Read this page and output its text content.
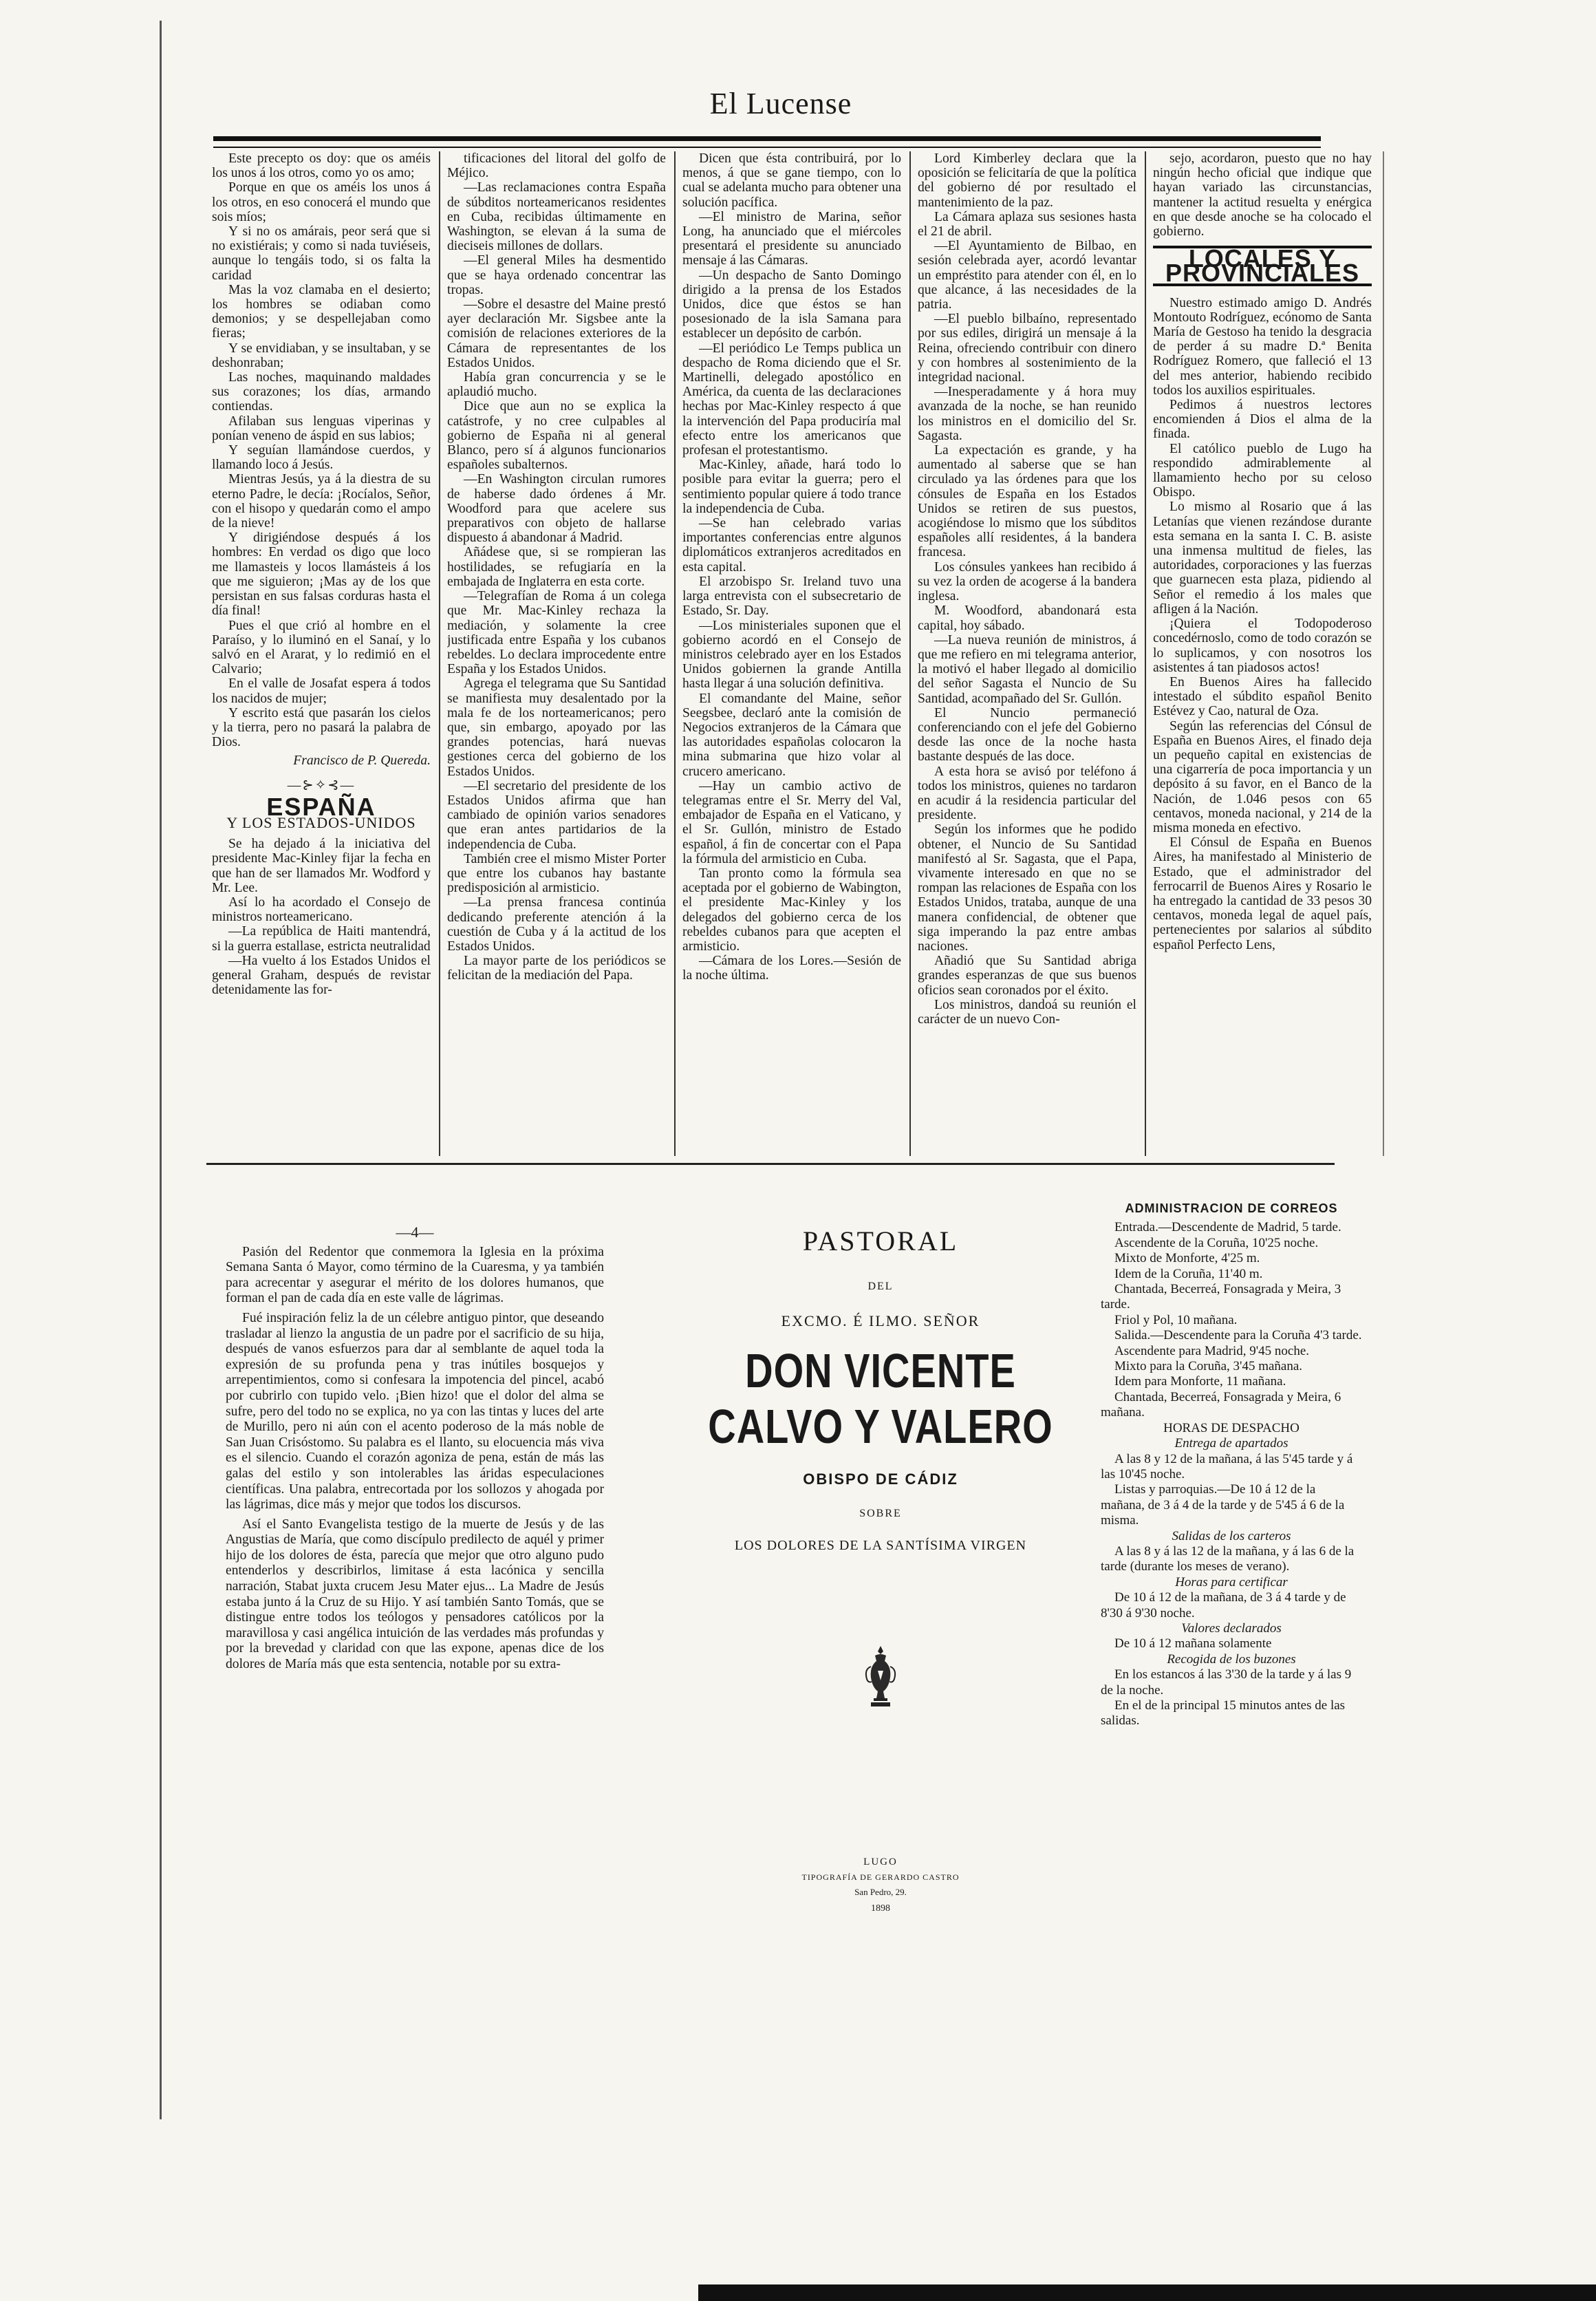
El Lucense

Este precepto os doy: que os améis los unos á los otros, como yo os amo;

Porque en que os améis los unos á los otros, en eso conocerá el mundo que sois míos;

Y si no os amárais, peor será que si no existiérais; y como si nada tuviéseis, aunque lo tengáis todo, si os falta la caridad

Mas la voz clamaba en el desierto; los hombres se odiaban como demonios; y se despellejaban como fieras;

Y se envidiaban, y se insultaban, y se deshonraban;

Las noches, maquinando maldades sus corazones; los días, armando contiendas.

Afilaban sus lenguas viperinas y ponían veneno de áspid en sus labios;

Y seguían llamándose cuerdos, y llamando loco á Jesús.

Mientras Jesús, ya á la diestra de su eterno Padre, le decía: ¡Rocíalos, Señor, con el hisopo y quedarán como el ampo de la nieve!

Y dirigiéndose después á los hombres: En verdad os digo que loco me llamasteis y locos llamásteis á los que me siguieron; ¡Mas ay de los que persistan en sus falsas corduras hasta el día final!

Pues el que crió al hombre en el Paraíso, y lo iluminó en el Sanaí, y lo salvó en el Ararat, y lo redimió en el Calvario;

En el valle de Josafat espera á todos los nacidos de mujer;

Y escrito está que pasarán los cielos y la tierra, pero no pasará la palabra de Dios.

Francisco de P. Quereda.

—⊱✧⊰—
ESPAÑA
Y LOS ESTADOS-UNIDOS

Se ha dejado á la iniciativa del presidente Mac-Kinley fijar la fecha en que han de ser llamados Mr. Wodford y Mr. Lee.

Así lo ha acordado el Consejo de ministros norteamericano.

—La república de Haiti mantendrá, si la guerra estallase, estricta neutralidad

—Ha vuelto á los Estados Unidos el general Graham, después de revistar detenidamente las for-

tificaciones del litoral del golfo de Méjico.

—Las reclamaciones contra España de súbditos norteamericanos residentes en Cuba, recibidas últimamente en Washington, se elevan á la suma de dieciseis millones de dollars.

—El general Miles ha desmentido que se haya ordenado concentrar las tropas.

—Sobre el desastre del Maine prestó ayer declaración Mr. Sigsbee ante la comisión de relaciones exteriores de la Cámara de representantes de los Estados Unidos.

Había gran concurrencia y se le aplaudió mucho.

Dice que aun no se explica la catástrofe, y no cree culpables al gobierno de España ni al general Blanco, pero sí á algunos funcionarios españoles subalternos.

—En Washington circulan rumores de haberse dado órdenes á Mr. Woodford para que acelere sus preparativos con objeto de hallarse dispuesto á abandonar á Madrid.

Añádese que, si se rompieran las hostilidades, se refugiaría en la embajada de Inglaterra en esta corte.

—Telegrafían de Roma á un colega que Mr. Mac-Kinley rechaza la mediación, y solamente la cree justificada entre España y los cubanos rebeldes. Lo declara improcedente entre España y los Estados Unidos.

Agrega el telegrama que Su Santidad se manifiesta muy desalentado por la mala fe de los norteamericanos; pero que, sin embargo, apoyado por las grandes potencias, hará nuevas gestiones cerca del gobierno de los Estados Unidos.

—El secretario del presidente de los Estados Unidos afirma que han cambiado de opinión varios senadores que eran antes partidarios de la independencia de Cuba.

También cree el mismo Mister Porter que entre los cubanos hay bastante predisposición al armisticio.

—La prensa francesa continúa dedicando preferente atención á la cuestión de Cuba y á la actitud de los Estados Unidos.

La mayor parte de los periódicos se felicitan de la mediación del Papa.

Dicen que ésta contribuirá, por lo menos, á que se gane tiempo, con lo cual se adelanta mucho para obtener una solución pacífica.

—El ministro de Marina, señor Long, ha anunciado que el miércoles presentará el presidente su anunciado mensaje á las Cámaras.

—Un despacho de Santo Domingo dirigido a la prensa de los Estados Unidos, dice que éstos se han posesionado de la isla Samana para establecer un depósito de carbón.

—El periódico Le Temps publica un despacho de Roma diciendo que el Sr. Martinelli, delegado apostólico en América, da cuenta de las declaraciones hechas por Mac-Kinley respecto á que la intervención del Papa produciría mal efecto entre los americanos que profesan el protestantismo.

Mac-Kinley, añade, hará todo lo posible para evitar la guerra; pero el sentimiento popular quiere á todo trance la independencia de Cuba.

—Se han celebrado varias importantes conferencias entre algunos diplomáticos extranjeros acreditados en esta capital.

El arzobispo Sr. Ireland tuvo una larga entrevista con el subsecretario de Estado, Sr. Day.

—Los ministeriales suponen que el gobierno acordó en el Consejo de ministros celebrado ayer en los Estados Unidos gobiernen la grande Antilla hasta llegar á una solución definitiva.

El comandante del Maine, señor Seegsbee, declaró ante la comisión de Negocios extranjeros de la Cámara que las autoridades españolas colocaron la mina submarina que hizo volar al crucero americano.

—Hay un cambio activo de telegramas entre el Sr. Merry del Val, embajador de España en el Vaticano, y el Sr. Gullón, ministro de Estado español, á fin de concertar con el Papa la fórmula del armisticio en Cuba.

Tan pronto como la fórmula sea aceptada por el gobierno de Wabington, el presidente Mac-Kinley y los delegados del gobierno cerca de los rebeldes cubanos para que acepten el armisticio.

—Cámara de los Lores.—Sesión de la noche última.

Lord Kimberley declara que la oposición se felicitaría de que la política del gobierno dé por resultado el mantenimiento de la paz.

La Cámara aplaza sus sesiones hasta el 21 de abril.

—El Ayuntamiento de Bilbao, en sesión celebrada ayer, acordó levantar un empréstito para atender con él, en lo que alcance, á las necesidades de la patria.

—El pueblo bilbaíno, representado por sus ediles, dirigirá un mensaje á la Reina, ofreciendo contribuir con dinero y con hombres al sostenimiento de la integridad nacional.

—Inesperadamente y á hora muy avanzada de la noche, se han reunido los ministros en el domicilio del Sr. Sagasta.

La expectación es grande, y ha aumentado al saberse que se han circulado ya las órdenes para que los cónsules de España en los Estados Unidos se retiren de sus puestos, acogiéndose lo mismo que los súbditos españoles allí residentes, á la bandera francesa.

Los cónsules yankees han recibido á su vez la orden de acogerse á la bandera inglesa.

M. Woodford, abandonará esta capital, hoy sábado.

—La nueva reunión de ministros, á que me refiero en mi telegrama anterior, la motivó el haber llegado al domicilio del señor Sagasta el Nuncio de Su Santidad, acompañado del Sr. Gullón.

El Nuncio permaneció conferenciando con el jefe del Gobierno desde las once de la noche hasta bastante después de las doce.

A esta hora se avisó por teléfono á todos los ministros, quienes no tardaron en acudir á la residencia particular del presidente.

Según los informes que he podido obtener, el Nuncio de Su Santidad manifestó al Sr. Sagasta, que el Papa, vivamente interesado en que no se rompan las relaciones de España con los Estados Unidos, trataba, aunque de una manera confidencial, de obtener que siga imperando la paz entre ambas naciones.

Añadió que Su Santidad abriga grandes esperanzas de que sus buenos oficios sean coronados por el éxito.

Los ministros, dandoá su reunión el carácter de un nuevo Con-

sejo, acordaron, puesto que no hay ningún hecho oficial que indique que hayan variado las circunstancias, mantener la actitud resuelta y enérgica en que desde anoche se ha colocado el gobierno.

LOCALES Y PROVINCIALES

Nuestro estimado amigo D. Andrés Montouto Rodríguez, ecónomo de Santa María de Gestoso ha tenido la desgracia de perder á su madre D.ª Benita Rodríguez Romero, que falleció el 13 del mes anterior, habiendo recibido todos los auxilios espirituales.

Pedimos á nuestros lectores encomienden á Dios el alma de la finada.

El católico pueblo de Lugo ha respondido admirablemente al llamamiento hecho por su celoso Obispo.

Lo mismo al Rosario que á las Letanías que vienen rezándose durante esta semana en la santa I. C. B. asiste una inmensa multitud de fieles, las autoridades, corporaciones y las fuerzas que guarnecen esta plaza, pidiendo al Señor el remedio á los males que afligen á la Nación.

¡Quiera el Todopoderoso concedérnoslo, como de todo corazón se lo suplicamos, y con nosotros los asistentes á tan piadosos actos!

En Buenos Aires ha fallecido intestado el súbdito español Benito Estévez y Cao, natural de Oza.

Según las referencias del Cónsul de España en Buenos Aires, el finado deja un pequeño capital en existencias de una cigarrería de poca importancia y un depósito á su favor, en el Banco de la Nación, de 1.046 pesos con 65 centavos, moneda nacional, y 214 de la misma moneda en efectivo.

El Cónsul de España en Buenos Aires, ha manifestado al Ministerio de Estado, que el administrador del ferrocarril de Buenos Aires y Rosario le ha entregado la cantidad de 33 pesos 30 centavos, moneda legal de aquel país, pertenecientes por salarios al súbdito español Perfecto Lens,

—4—

Pasión del Redentor que conmemora la Iglesia en la próxima Semana Santa ó Mayor, como término de la Cuaresma, y ya también para acrecentar y asegurar el mérito de los dolores humanos, que forman el pan de cada día en este valle de lágrimas.

Fué inspiración feliz la de un célebre antiguo pintor, que deseando trasladar al lienzo la angustia de un padre por el sacrificio de su hija, después de vanos esfuerzos para dar al semblante de aquel toda la expresión de su profunda pena y tras inútiles bosquejos y arrepentimientos, como si confesara la impotencia del pincel, acabó por cubrirlo con tupido velo. ¡Bien hizo! que el dolor del alma se sufre, pero del todo no se explica, no ya con las tintas y luces del arte de Murillo, pero ni aún con el acento poderoso de la más noble de San Juan Crisóstomo. Su palabra es el llanto, su elocuencia más viva es el silencio. Cuando el corazón agoniza de pena, están de más las galas del estilo y son intolerables las áridas especulaciones científicas. Una palabra, entrecortada por los sollozos y ahogada por las lágrimas, dice más y mejor que todos los discursos.

Así el Santo Evangelista testigo de la muerte de Jesús y de las Angustias de María, que como discípulo predilecto de aquél y primer hijo de los dolores de ésta, parecía que mejor que otro alguno pudo entenderlos y describirlos, limitase á esta lacónica y sencilla narración, Stabat juxta crucem Jesu Mater ejus... La Madre de Jesús estaba junto á la Cruz de su Hijo. Y así también Santo Tomás, que se distingue entre todos los teólogos y pensadores católicos por la maravillosa y casi angélica intuición de las verdades más profundas y por la brevedad y claridad con que las expone, apenas dice de los dolores de María más que esta sentencia, notable por su extra-

PASTORAL
DEL
EXCMO. É ILMO. SEÑOR
DON VICENTE CALVO Y VALERO
OBISPO DE CÁDIZ
SOBRE
LOS DOLORES DE LA SANTÍSIMA VIRGEN
LUGO
TIPOGRAFÍA DE GERARDO CASTRO
San Pedro, 29.
1898
ADMINISTRACION DE CORREOS

Entrada.—Descendente de Madrid, 5 tarde.

Ascendente de la Coruña, 10'25 noche.

Mixto de Monforte, 4'25 m.

Idem de la Coruña, 11'40 m.

Chantada, Becerreá, Fonsagrada y Meira, 3 tarde.

Friol y Pol, 10 mañana.

Salida.—Descendente para la Coruña 4'3 tarde.

Ascendente para Madrid, 9'45 noche.

Mixto para la Coruña, 3'45 mañana.

Idem para Monforte, 11 mañana.

Chantada, Becerreá, Fonsagrada y Meira, 6 mañana.

HORAS DE DESPACHO

Entrega de apartados

A las 8 y 12 de la mañana, á las 5'45 tarde y á las 10'45 noche.

Listas y parroquias.—De 10 á 12 de la mañana, de 3 á 4 de la tarde y de 5'45 á 6 de la misma.

Salidas de los carteros

A las 8 y á las 12 de la mañana, y á las 6 de la tarde (durante los meses de verano).

Horas para certificar

De 10 á 12 de la mañana, de 3 á 4 tarde y de 8'30 á 9'30 noche.

Valores declarados

De 10 á 12 mañana solamente

Recogida de los buzones

En los estancos á las 3'30 de la tarde y á las 9 de la noche.

En el de la principal 15 minutos antes de las salidas.
